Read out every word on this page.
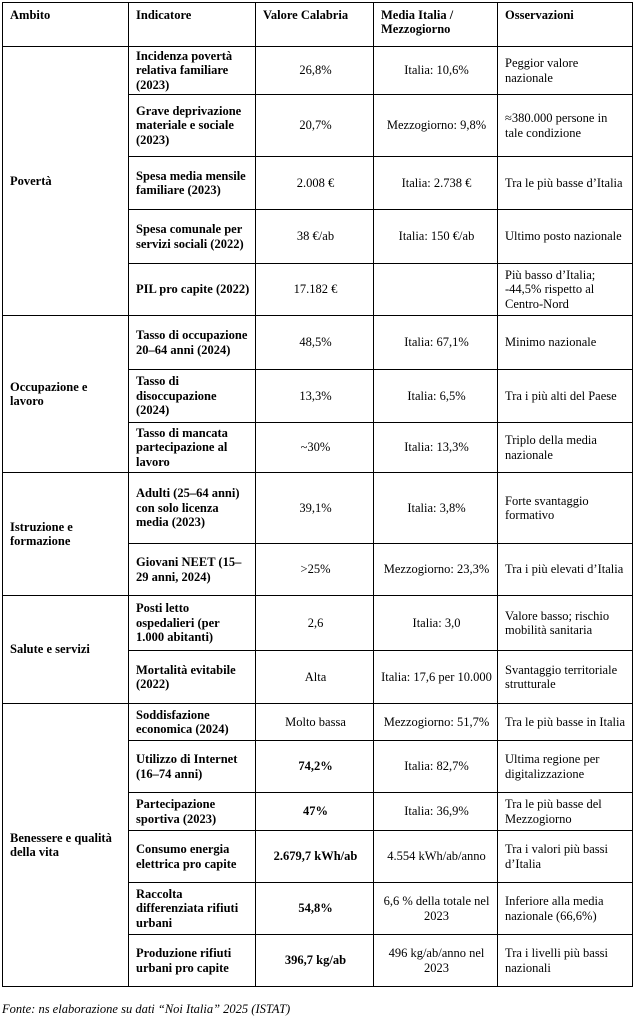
Ambito	Indicatore	Valore Calabria	Media Italia / Mezzogiorno	Osservazioni
Povertà	Incidenza povertà relativa familiare (2023)	26,8%	Italia: 10,6%	Peggior valore nazionale
	Grave deprivazione materiale e sociale (2023)	20,7%	Mezzogiorno: 9,8%	≈380.000 persone in tale condizione
	Spesa media mensile familiare (2023)	2.008 €	Italia: 2.738 €	Tra le più basse d’Italia
	Spesa comunale per servizi sociali (2022)	38 €/ab	Italia: 150 €/ab	Ultimo posto nazionale
	PIL pro capite (2022)	17.182 €		Più basso d’Italia; -44,5% rispetto al Centro-Nord
Occupazione e lavoro	Tasso di occupazione 20–64 anni (2024)	48,5%	Italia: 67,1%	Minimo nazionale
	Tasso di disoccupazione (2024)	13,3%	Italia: 6,5%	Tra i più alti del Paese
	Tasso di mancata partecipazione al lavoro	~30%	Italia: 13,3%	Triplo della media nazionale
Istruzione e formazione	Adulti (25–64 anni) con solo licenza media (2023)	39,1%	Italia: 3,8%	Forte svantaggio formativo
	Giovani NEET (15–29 anni, 2024)	>25%	Mezzogiorno: 23,3%	Tra i più elevati d’Italia
Salute e servizi	Posti letto ospedalieri (per 1.000 abitanti)	2,6	Italia: 3,0	Valore basso; rischio mobilità sanitaria
	Mortalità evitabile (2022)	Alta	Italia: 17,6 per 10.000	Svantaggio territoriale strutturale
Benessere e qualità della vita	Soddisfazione economica (2024)	Molto bassa	Mezzogiorno: 51,7%	Tra le più basse in Italia
	Utilizzo di Internet (16–74 anni)	74,2%	Italia: 82,7%	Ultima regione per digitalizzazione
	Partecipazione sportiva (2023)	47%	Italia: 36,9%	Tra le più basse del Mezzogiorno
	Consumo energia elettrica pro capite	2.679,7 kWh/ab	4.554 kWh/ab/anno	Tra i valori più bassi d’Italia
	Raccolta differenziata rifiuti urbani	54,8%	6,6 % della totale nel 2023	Inferiore alla media nazionale (66,6%)
	Produzione rifiuti urbani pro capite	396,7 kg/ab	496 kg/ab/anno nel 2023	Tra i livelli più bassi nazionali
Fonte: ns elaborazione su dati “Noi Italia” 2025 (ISTAT)
